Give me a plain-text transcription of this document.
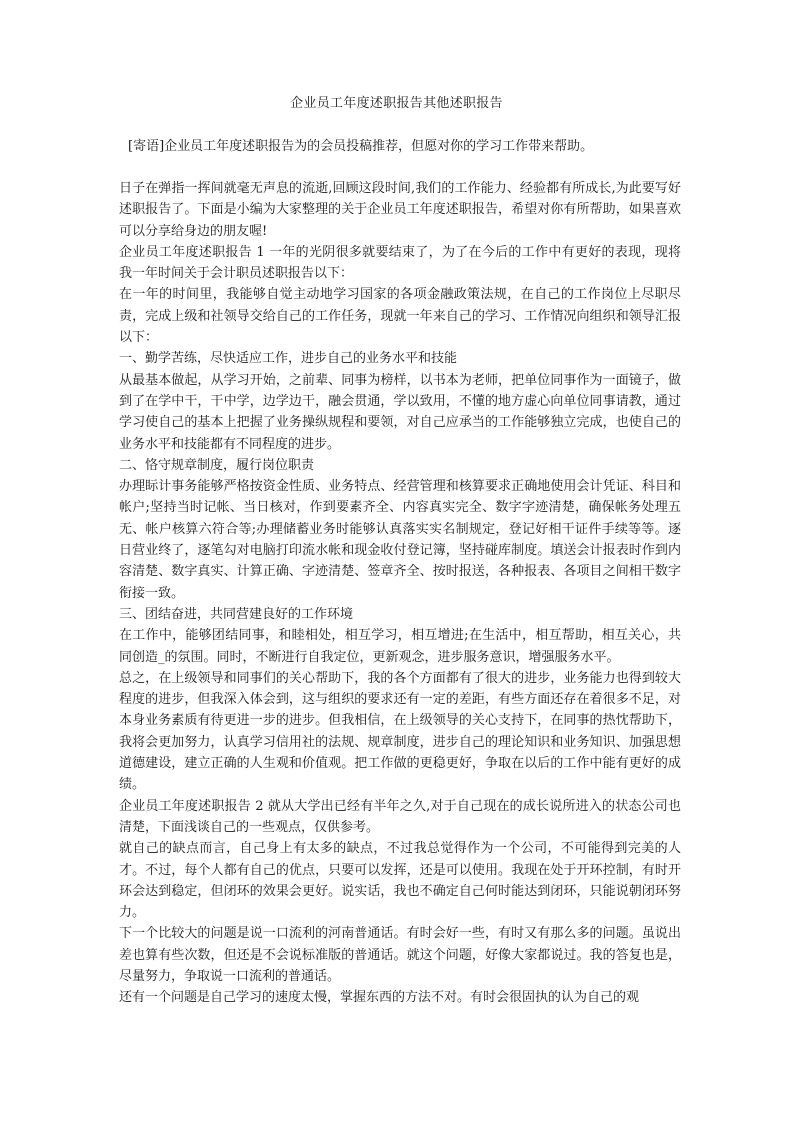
企业员工年度述职报告其他述职报告
[寄语]企业员工年度述职报告为的会员投稿推荐，但愿对你的学习工作带来帮助。

日子在弹指一挥间就毫无声息的流逝,回顾这段时间,我们的工作能力、经验都有所成长,为此要写好述职报告了。下面是小编为大家整理的关于企业员工年度述职报告，希望对你有所帮助，如果喜欢可以分享给身边的朋友喔!

企业员工年度述职报告 1 一年的光阴很多就要结束了，为了在今后的工作中有更好的表现，现将我一年时间关于会计职员述职报告以下：

在一年的时间里，我能够自觉主动地学习国家的各项金融政策法规，在自己的工作岗位上尽职尽责，完成上级和社领导交给自己的工作任务，现就一年来自己的学习、工作情况向组织和领导汇报以下：

一、勤学苦练，尽快适应工作，进步自己的业务水平和技能

从最基本做起，从学习开始，之前辈、同事为榜样，以书本为老师，把单位同事作为一面镜子，做到了在学中干，干中学，边学边干，融会贯通，学以致用，不懂的地方虚心向单位同事请教，通过学习使自己的基本上把握了业务操纵规程和要领，对自己应承当的工作能够独立完成，也使自己的业务水平和技能都有不同程度的进步。

二、恪守规章制度，履行岗位职责

办理眎计事务能够严格按资金性质、业务特点、经营管理和核算要求正确地使用会计凭证、科目和帐户;坚持当时记帐、当日核对，作到要素齐全、内容真实完全、数字字迹清楚，确保帐务处理五无、帐户核算六符合等;办理储蓄业务时能够认真落实实名制规定，登记好相干证件手续等等。逐日营业终了，逐笔勾对电脑打印流水帐和现金收付登记簿，坚持碰库制度。填送会计报表时作到内容清楚、数字真实、计算正确、字迹清楚、签章齐全、按时报送，各种报表、各项目之间相干数字衔接一致。

三、团结奋进，共同营建良好的工作环境

在工作中，能够团结同事，和睦相处，相互学习，相互增进;在生活中，相互帮助，相互关心，共同创造_的氛围。同时，不断进行自我定位，更新观念，进步服务意识，增强服务水平。

总之，在上级领导和同事们的关心帮助下，我的各个方面都有了很大的进步，业务能力也得到较大程度的进步，但我深入体会到，这与组织的要求还有一定的差距，有些方面还存在着很多不足，对本身业务素质有待更进一步的进步。但我相信，在上级领导的关心支持下，在同事的热忱帮助下，我将会更加努力，认真学习信用社的法规、规章制度，进步自己的理论知识和业务知识、加强思想道德建设，建立正确的人生观和价值观。把工作做的更稳更好，争取在以后的工作中能有更好的成绩。

企业员工年度述职报告 2 就从大学出已经有半年之久,对于自己现在的成长说所进入的状态公司也清楚，下面浅谈自己的一些观点，仅供参考。

就自己的缺点而言，自己身上有太多的缺点，不过我总觉得作为一个公司，不可能得到完美的人才。不过，每个人都有自己的优点，只要可以发挥，还是可以使用。我现在处于开环控制，有时开环会达到稳定，但闭环的效果会更好。说实话，我也不确定自己何时能达到闭环，只能说朝闭环努力。

下一个比较大的问题是说一口流利的河南普通话。有时会好一些，有时又有那么多的问题。虽说出差也算有些次数，但还是不会说标准版的普通话。就这个问题，好像大家都说过。我的答复也是，尽量努力，争取说一口流利的普通话。

还有一个问题是自己学习的速度太慢，掌握东西的方法不对。有时会很固执的认为自己的观
